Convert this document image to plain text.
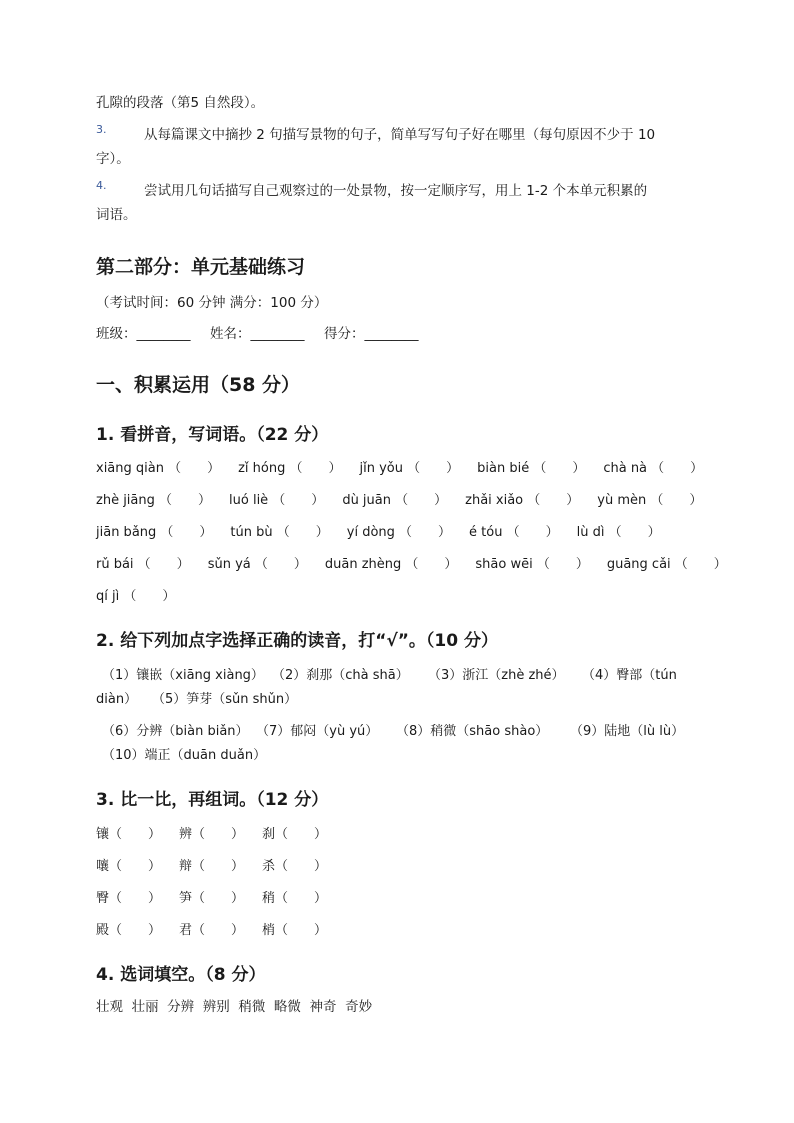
孔隙的段落（第5 自然段）。
3.	从每篇课文中摘抄 2 句描写景物的句子，简单写写句子好在哪里（每句原因不少于 10
字）。
4.	尝试用几句话描写自己观察过的一处景物，按一定顺序写，用上 1-2 个本单元积累的
词语。
第二部分：单元基础练习
（考试时间：60 分钟 满分：100 分）
班级：________ 姓名：________ 得分：________
一、积累运用（58 分）
1. 看拼音，写词语。（22 分）
xiāng qiàn （　　） zǐ hóng （　　） jǐn yǒu （　　） biàn bié （　　） chà nà （　　）
zhè jiāng （　　） luó liè （　　） dù juān （　　） zhǎi xiǎo （　　） yù mèn （　　）
jiān bǎng （　　） tún bù （　　） yí dòng （　　） é tóu （　　） lù dì （　　）
rǔ bái （　　） sǔn yá （　　） duān zhèng （　　） shāo wēi （　　） guāng cǎi （　　）
qí jì （　　）
2. 给下列加点字选择正确的读音，打“√”。（10 分）
（1）镶嵌（xiāng xiàng） （2）刹那（chà shā） （3）浙江（zhè zhé） （4）臀部（tún
diàn） （5）笋芽（sǔn shǔn）
（6）分辨（biàn biǎn） （7）郁闷（yù yú） （8）稍微（shāo shào） （9）陆地（lù lù）
（10）端正（duān duǎn）
3. 比一比，再组词。（12 分）
镶（　　） 辨（　　） 刹（　　）
嚷（　　） 辩（　　） 杀（　　）
臀（　　） 笋（　　） 稍（　　）
殿（　　） 君（　　） 梢（　　）
4. 选词填空。（8 分）
壮观  壮丽  分辨  辨别  稍微  略微  神奇  奇妙
